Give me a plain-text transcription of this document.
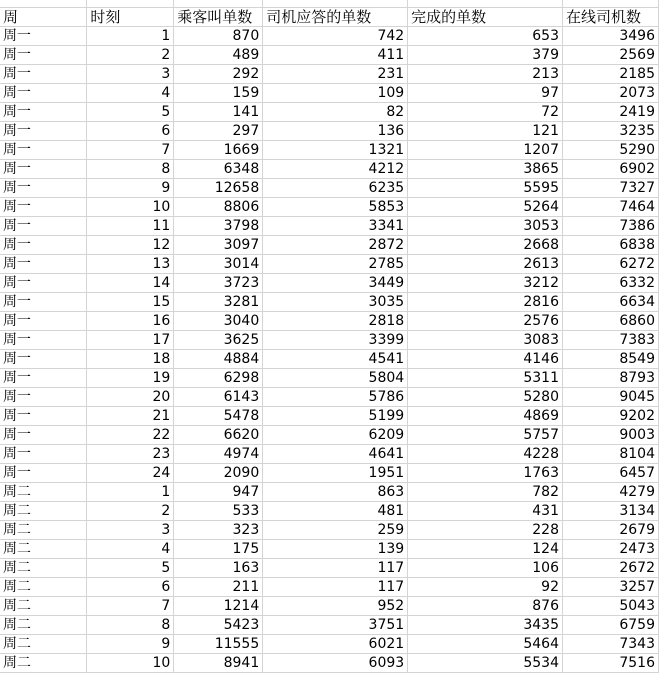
周	时刻	乘客叫单数	司机应答的单数	完成的单数	在线司机数
周一	1	870	742	653	3496
周一	2	489	411	379	2569
周一	3	292	231	213	2185
周一	4	159	109	97	2073
周一	5	141	82	72	2419
周一	6	297	136	121	3235
周一	7	1669	1321	1207	5290
周一	8	6348	4212	3865	6902
周一	9	12658	6235	5595	7327
周一	10	8806	5853	5264	7464
周一	11	3798	3341	3053	7386
周一	12	3097	2872	2668	6838
周一	13	3014	2785	2613	6272
周一	14	3723	3449	3212	6332
周一	15	3281	3035	2816	6634
周一	16	3040	2818	2576	6860
周一	17	3625	3399	3083	7383
周一	18	4884	4541	4146	8549
周一	19	6298	5804	5311	8793
周一	20	6143	5786	5280	9045
周一	21	5478	5199	4869	9202
周一	22	6620	6209	5757	9003
周一	23	4974	4641	4228	8104
周一	24	2090	1951	1763	6457
周二	1	947	863	782	4279
周二	2	533	481	431	3134
周二	3	323	259	228	2679
周二	4	175	139	124	2473
周二	5	163	117	106	2672
周二	6	211	117	92	3257
周二	7	1214	952	876	5043
周二	8	5423	3751	3435	6759
周二	9	11555	6021	5464	7343
周二	10	8941	6093	5534	7516
